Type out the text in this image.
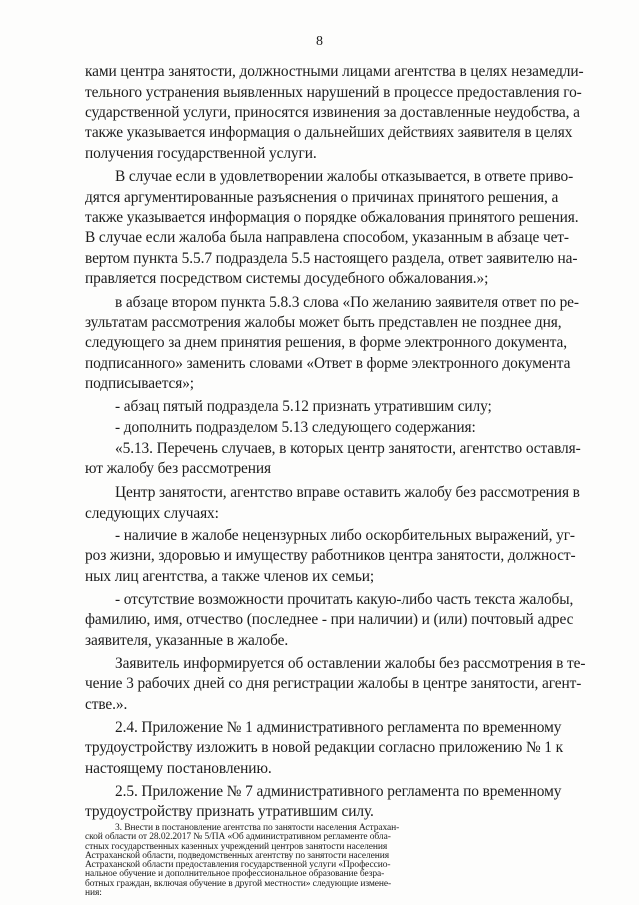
8
ками центра занятости, должностными лицами агентства в целях незамедли-
тельного устранения выявленных нарушений в процессе предоставления го-
сударственной услуги, приносятся извинения за доставленные неудобства, а
также указывается информация о дальнейших действиях заявителя в целях
получения государственной услуги.
В случае если в удовлетворении жалобы отказывается, в ответе приво-
дятся аргументированные разъяснения о причинах принятого решения, а
также указывается информация о порядке обжалования принятого решения.
В случае если жалоба была направлена способом, указанным в абзаце чет-
вертом пункта 5.5.7 подраздела 5.5 настоящего раздела, ответ заявителю на-
правляется посредством системы досудебного обжалования.»;
в абзаце втором пункта 5.8.3 слова «По желанию заявителя ответ по ре-
зультатам рассмотрения жалобы может быть представлен не позднее дня,
следующего за днем принятия решения, в форме электронного документа,
подписанного» заменить словами «Ответ в форме электронного документа
подписывается»;
- абзац пятый подраздела 5.12 признать утратившим силу;
- дополнить подразделом 5.13 следующего содержания:
«5.13. Перечень случаев, в которых центр занятости, агентство оставля-
ют жалобу без рассмотрения
Центр занятости, агентство вправе оставить жалобу без рассмотрения в
следующих случаях:
- наличие в жалобе нецензурных либо оскорбительных выражений, уг-
роз жизни, здоровью и имуществу работников центра занятости, должност-
ных лиц агентства, а также членов их семьи;
- отсутствие возможности прочитать какую-либо часть текста жалобы,
фамилию, имя, отчество (последнее - при наличии) и (или) почтовый адрес
заявителя, указанные в жалобе.
Заявитель информируется об оставлении жалобы без рассмотрения в те-
чение 3 рабочих дней со дня регистрации жалобы в центре занятости, агент-
стве.».
2.4. Приложение № 1 административного регламента по временному
трудоустройству изложить в новой редакции согласно приложению № 1 к
настоящему постановлению.
2.5. Приложение № 7 административного регламента по временному
трудоустройству признать утратившим силу.
3. Внести в постановление агентства по занятости населения Астрахан-
ской области от 28.02.2017 № 5/ПА «Об административном регламенте обла-
стных государственных казенных учреждений центров занятости населения
Астраханской области, подведомственных агентству по занятости населения
Астраханской области предоставления государственной услуги «Профессио-
нальное обучение и дополнительное профессиональное образование безра-
ботных граждан, включая обучение в другой местности» следующие измене-
ния:
